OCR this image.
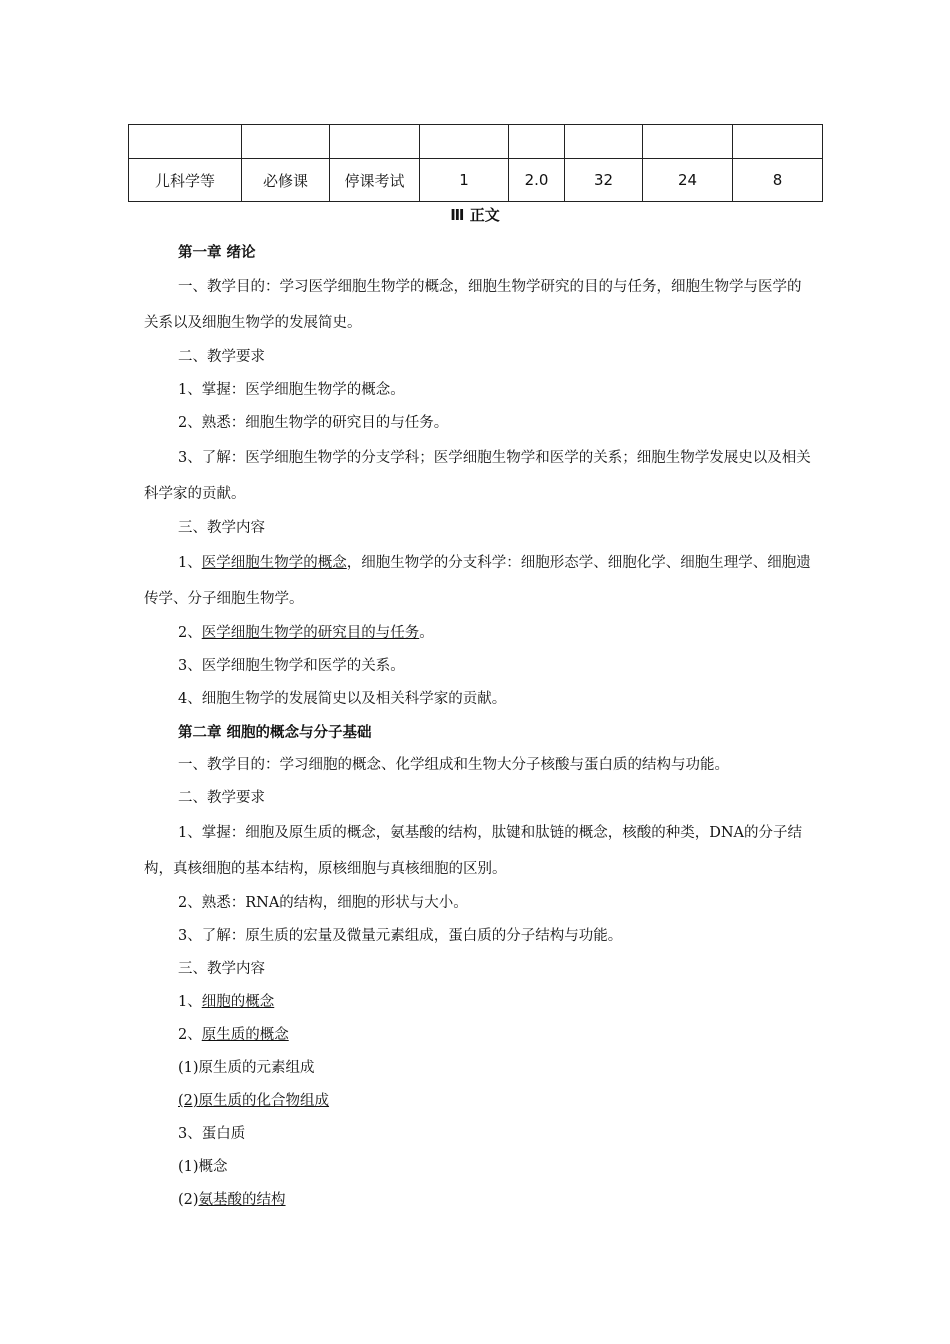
儿科学等	必修课	停课考试	1	2.0	32	24	8
Ⅲ 正文

第一章 绪论

一、教学目的：学习医学细胞生物学的概念，细胞生物学研究的目的与任务，细胞生物学与医学的关系以及细胞生物学的发展简史。

二、教学要求

1、掌握：医学细胞生物学的概念。

2、熟悉：细胞生物学的研究目的与任务。

3、了解：医学细胞生物学的分支学科；医学细胞生物学和医学的关系；细胞生物学发展史以及相关科学家的贡献。

三、教学内容

1、医学细胞生物学的概念，细胞生物学的分支科学：细胞形态学、细胞化学、细胞生理学、细胞遗传学、分子细胞生物学。

2、医学细胞生物学的研究目的与任务。

3、医学细胞生物学和医学的关系。

4、细胞生物学的发展简史以及相关科学家的贡献。

第二章 细胞的概念与分子基础

一、教学目的：学习细胞的概念、化学组成和生物大分子核酸与蛋白质的结构与功能。

二、教学要求

1、掌握：细胞及原生质的概念，氨基酸的结构，肽键和肽链的概念，核酸的种类，DNA的分子结构，真核细胞的基本结构，原核细胞与真核细胞的区别。

2、熟悉：RNA的结构，细胞的形状与大小。

3、了解：原生质的宏量及微量元素组成，蛋白质的分子结构与功能。

三、教学内容

1、细胞的概念

2、原生质的概念

(1)原生质的元素组成

(2)原生质的化合物组成

3、蛋白质

(1)概念

(2)氨基酸的结构
